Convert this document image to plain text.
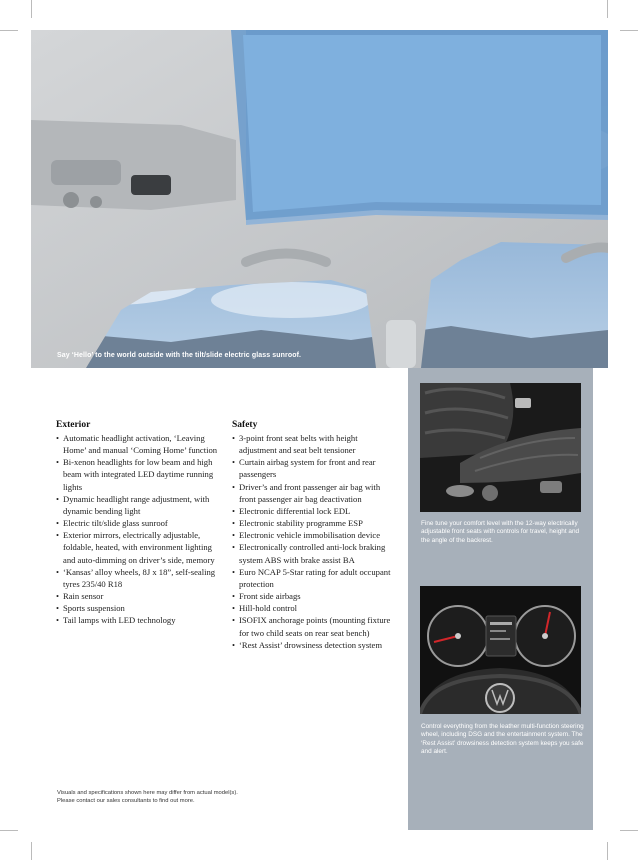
Say ‘Hello’ to the world outside with the tilt/slide electric glass sunroof.
Exterior
• Automatic headlight activation, ‘Leaving Home’ and manual ‘Coming Home’ function
• Bi-xenon headlights for low beam and high beam with integrated LED daytime running lights
• Dynamic headlight range adjustment, with dynamic bending light
• Electric tilt/slide glass sunroof
• Exterior mirrors, electrically adjustable, foldable, heated, with environment lighting and auto-dimming on driver’s side, memory
• ‘Kansas’ alloy wheels, 8J x 18”, self-sealing tyres 235/40 R18
• Rain sensor
• Sports suspension
• Tail lamps with LED technology
Safety
• 3-point front seat belts with height adjustment and seat belt tensioner
• Curtain airbag system for front and rear passengers
• Driver’s and front passenger air bag with front passenger air bag deactivation
• Electronic differential lock EDL
• Electronic stability programme ESP
• Electronic vehicle immobilisation device
• Electronically controlled anti-lock braking system ABS with brake assist BA
• Euro NCAP 5-Star rating for adult occupant protection
• Front side airbags
• Hill-hold control
• ISOFIX anchorage points (mounting fixture for two child seats on rear seat bench)
• ‘Rest Assist’ drowsiness detection system

Fine tune your comfort level with the 12-way electrically adjustable front seats with controls for travel, height and the angle of the backrest.

Control everything from the leather multi-function steering wheel, including DSG and the entertainment system. The ‘Rest Assist’ drowsiness detection system keeps you safe and alert.

Visuals and specifications shown here may differ from actual model(s).
Please contact our sales consultants to find out more.
